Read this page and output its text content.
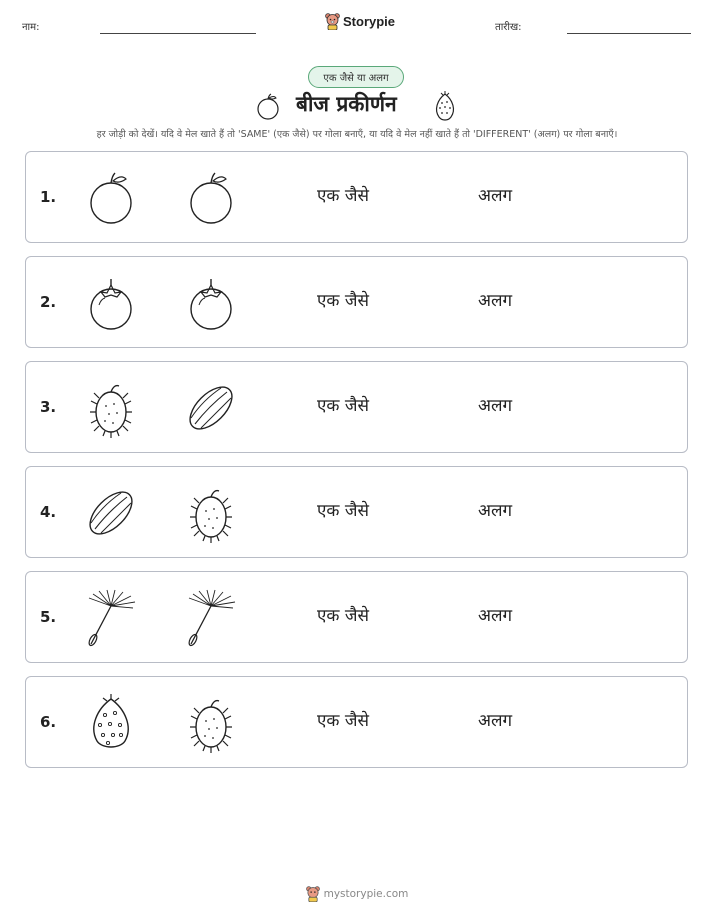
नाम:	Storypie	तारीख:
एक जैसे या अलग
बीज प्रकीर्णन
हर जोड़ी को देखें। यदि वे मेल खाते हैं तो 'SAME' (एक जैसे) पर गोला बनाएँ, या यदि वे मेल नहीं खाते हैं तो 'DIFFERENT' (अलग) पर गोला बनाएँ।
1.	एक जैसे	अलग
2.	एक जैसे	अलग
3.	एक जैसे	अलग
4.	एक जैसे	अलग
5.	एक जैसे	अलग
6.	एक जैसे	अलग
mystorypie.com
